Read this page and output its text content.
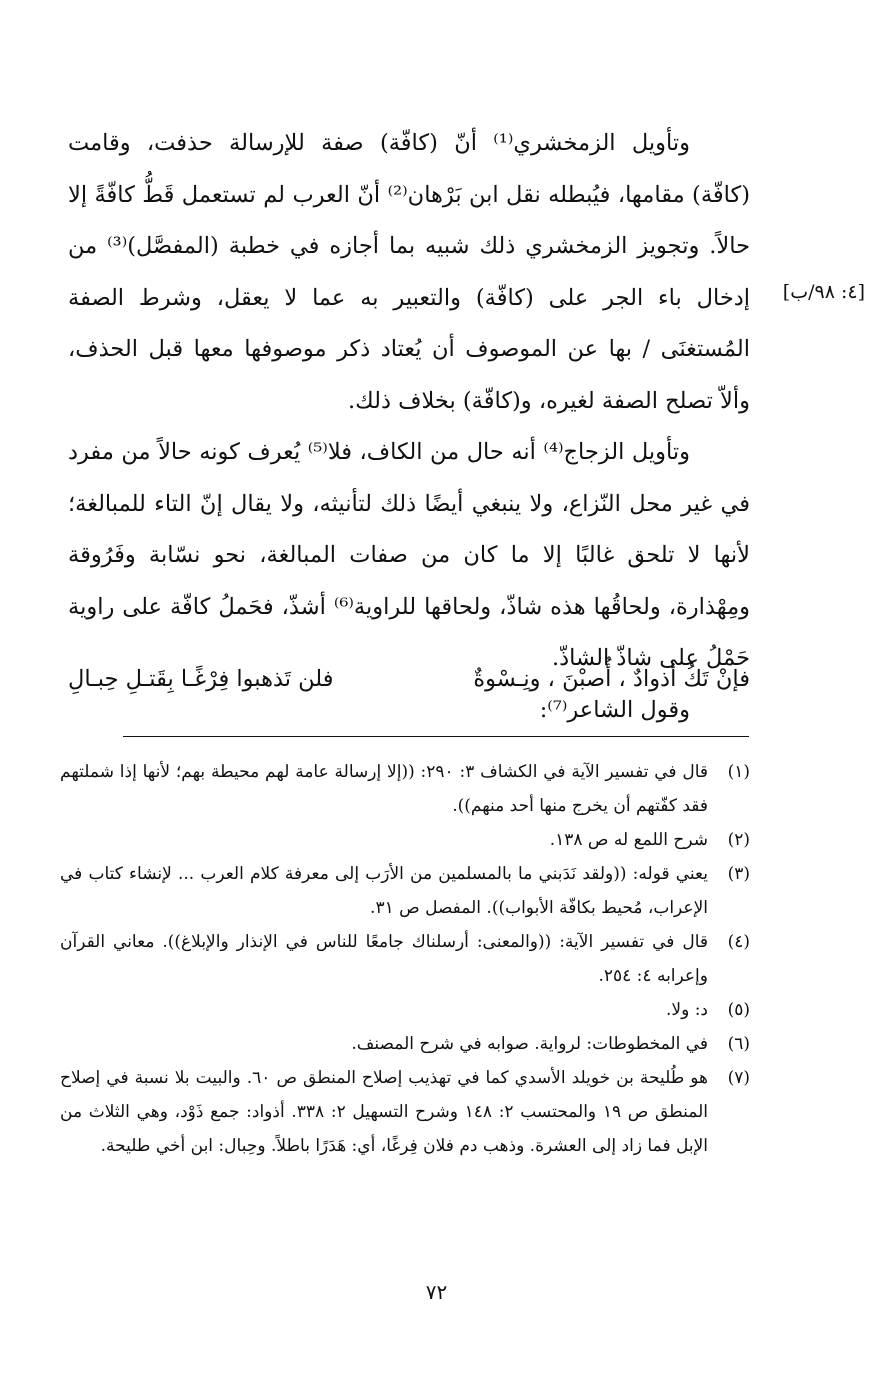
[٤: ٩٨/ب]

وتأويل الزمخشري⁽¹⁾ أنّ (كافّة) صفة للإرسالة حذفت، وقامت (كافّة) مقامها، فيُبطله نقل ابن بَرْهان⁽²⁾ أنّ العرب لم تستعمل قَطُّ كافّةً إلا حالاً. وتجويز الزمخشري ذلك شبيه بما أجازه في خطبة (المفصَّل)⁽³⁾ من إدخال باء الجر على (كافّة) والتعبير به عما لا يعقل، وشرط الصفة المُستغنَى / بها عن الموصوف أن يُعتاد ذكر موصوفها معها قبل الحذف، وألاّ تصلح الصفة لغيره، و(كافّة) بخلاف ذلك.

وتأويل الزجاج⁽⁴⁾ أنه حال من الكاف، فلا⁽⁵⁾ يُعرف كونه حالاً من مفرد في غير محل النّزاع، ولا ينبغي أيضًا ذلك لتأنيثه، ولا يقال إنّ التاء للمبالغة؛ لأنها لا تلحق غالبًا إلا ما كان من صفات المبالغة، نحو نسّابة وفَرُوقة ومِهْذارة، ولحاقُها هذه شاذّ، ولحاقها للراوية⁽⁶⁾ أشذّ، فحَملُ كافّة على راوية حَمْلُ على شاذّ الشاذّ.

وقول الشاعر⁽⁷⁾:

فإنْ تَكُ أذوادٌ ، أُصبْنَ ، ونِـسْوةٌ
فلن تَذهبوا فِرْغًـا بِقَتـلِ حِبـالِ
(١)
قال في تفسير الآية في الكشاف ٣: ٢٩٠: ((إلا إرسالة عامة لهم محيطة بهم؛ لأنها إذا شملتهم فقد كفّتهم أن يخرج منها أحد منهم)).
(٢)
شرح اللمع له ص ١٣٨.
(٣)
يعني قوله: ((ولقد نَدَبني ما بالمسلمين من الأرَب إلى معرفة كلام العرب ... لإنشاء كتاب في الإعراب، مُحيط بكافّة الأبواب)). المفصل ص ٣١.
(٤)
قال في تفسير الآية: ((والمعنى: أرسلناك جامعًا للناس في الإنذار والإبلاغ)). معاني القرآن وإعرابه ٤: ٢٥٤.
(٥)
د: ولا.
(٦)
في المخطوطات: لرواية. صوابه في شرح المصنف.
(٧)
هو طُليحة بن خويلد الأسدي كما في تهذيب إصلاح المنطق ص ٦٠. والبيت بلا نسبة في إصلاح المنطق ص ١٩ والمحتسب ٢: ١٤٨ وشرح التسهيل ٢: ٣٣٨. أذواد: جمع ذَوْد، وهي الثلاث من الإبل فما زاد إلى العشرة. وذهب دم فلان فِرغًا، أي: هَدَرًا باطلاً. وحِبال: ابن أخي طليحة.
٧٢
